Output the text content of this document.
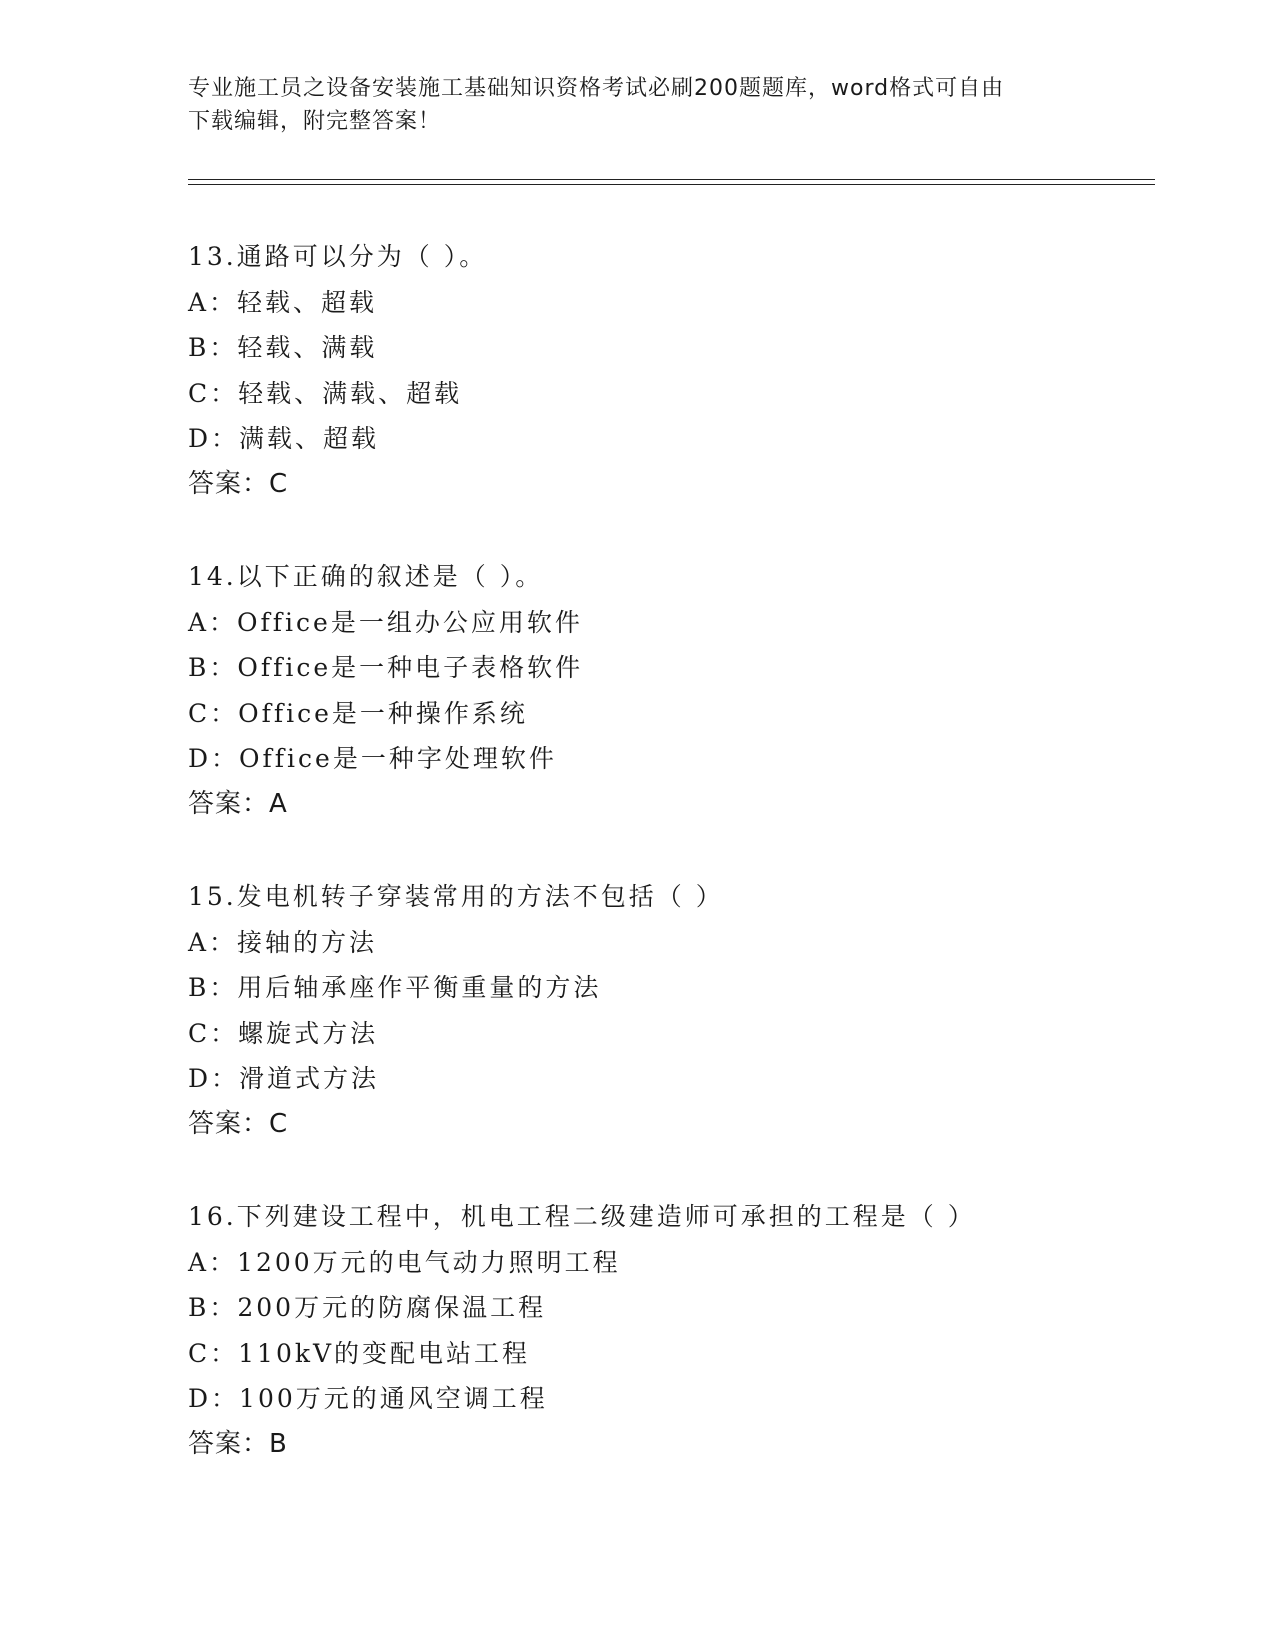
专业施工员之设备安装施工基础知识资格考试必刷200题题库，word格式可自由
下载编辑，附完整答案！
13.通路可以分为（ ）。
A：轻载、超载
B：轻载、满载
C：轻载、满载、超载
D：满载、超载
答案：C
14.以下正确的叙述是（ ）。
A：Office是一组办公应用软件
B：Office是一种电子表格软件
C：Office是一种操作系统
D：Office是一种字处理软件
答案：A
15.发电机转子穿装常用的方法不包括（ ）
A：接轴的方法
B：用后轴承座作平衡重量的方法
C：螺旋式方法
D：滑道式方法
答案：C
16.下列建设工程中，机电工程二级建造师可承担的工程是（ ）
A：1200万元的电气动力照明工程
B：200万元的防腐保温工程
C：110kV的变配电站工程
D：100万元的通风空调工程
答案：B
